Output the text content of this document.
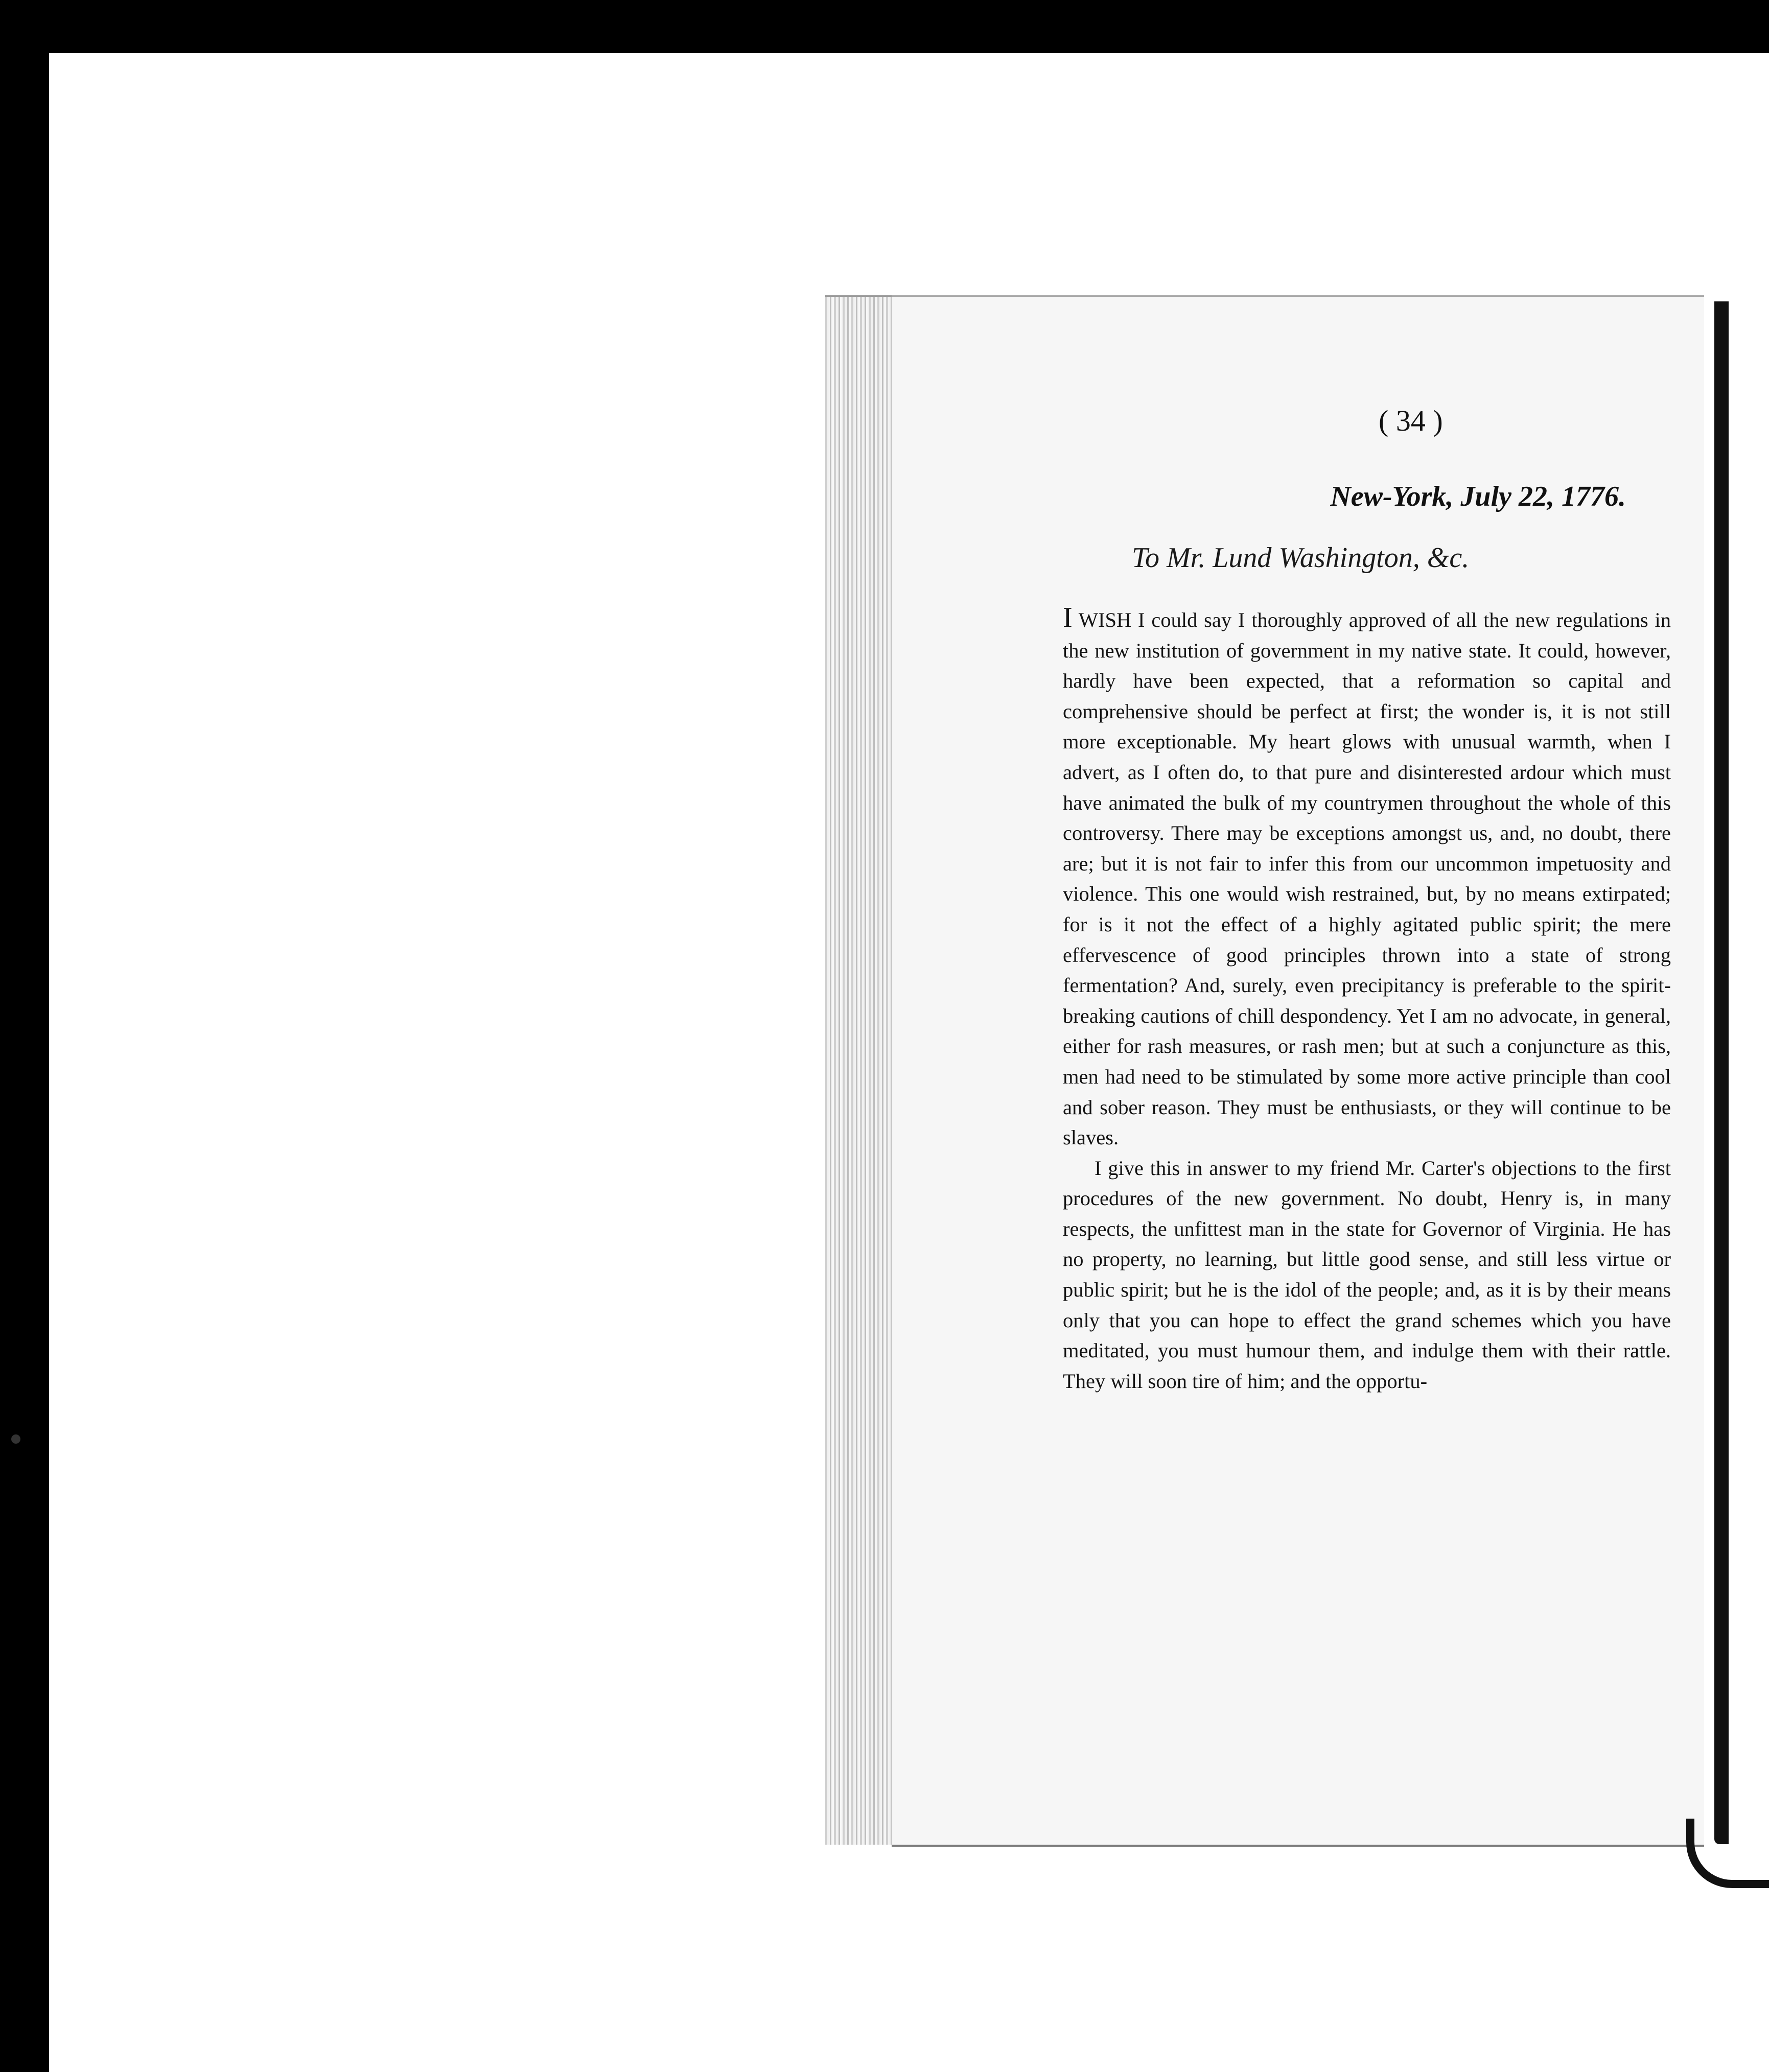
( 34 )
New-York, July 22, 1776.
To Mr. Lund Washington, &c.

I WISH I could say I thoroughly approved of all the new regulations in the new institution of government in my native state. It could, however, hardly have been expected, that a reformation so capital and comprehensive should be perfect at first; the wonder is, it is not still more exceptionable. My heart glows with unusual warmth, when I advert, as I often do, to that pure and disinterested ardour which must have animated the bulk of my countrymen throughout the whole of this controversy. There may be exceptions amongst us, and, no doubt, there are; but it is not fair to infer this from our uncommon impetuosity and violence. This one would wish restrained, but, by no means extirpated; for is it not the effect of a highly agitated public spirit; the mere effervescence of good principles thrown into a state of strong fermentation? And, surely, even precipitancy is preferable to the spirit-breaking cautions of chill despondency. Yet I am no advocate, in general, either for rash measures, or rash men; but at such a conjuncture as this, men had need to be stimulated by some more active principle than cool and sober reason. They must be enthusiasts, or they will continue to be slaves.

I give this in answer to my friend Mr. Carter's objections to the first procedures of the new government. No doubt, Henry is, in many respects, the unfittest man in the state for Governor of Virginia. He has no property, no learning, but little good sense, and still less virtue or public spirit; but he is the idol of the people; and, as it is by their means only that you can hope to effect the grand schemes which you have meditated, you must humour them, and indulge them with their rattle. They will soon tire of him; and the opportu-
